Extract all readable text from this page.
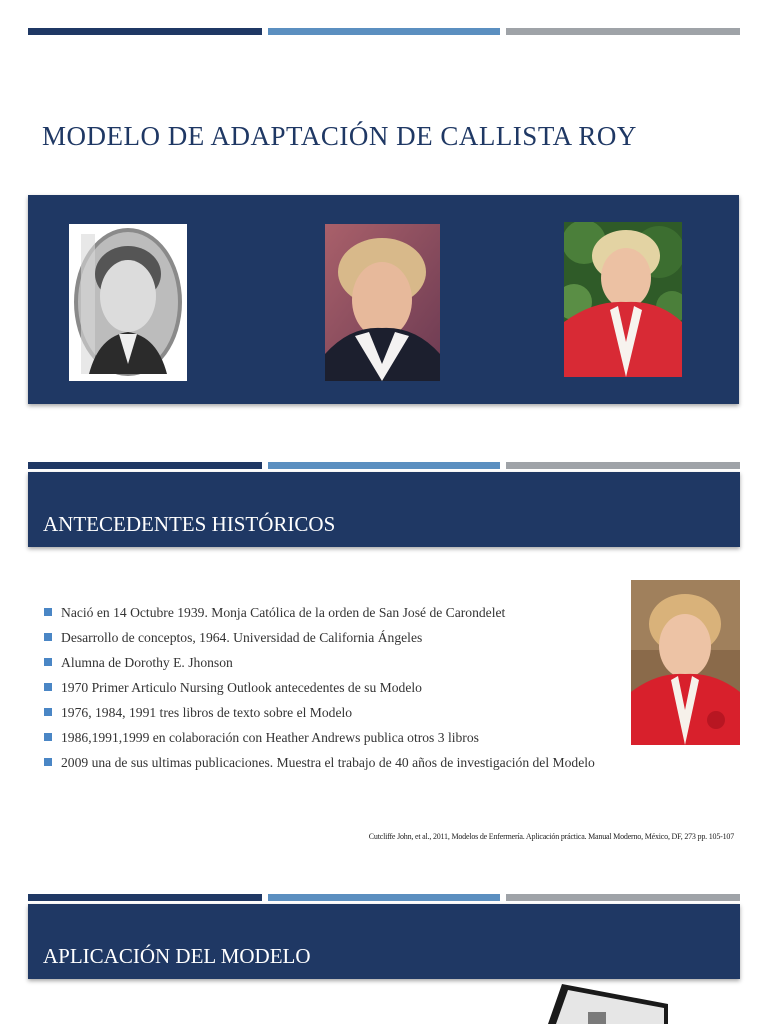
MODELO DE ADAPTACIÓN DE CALLISTA ROY
ANTECEDENTES HISTÓRICOS
Nació en 14 Octubre 1939. Monja Católica de la orden de San José de Carondelet
Desarrollo de conceptos, 1964. Universidad de California Ángeles
Alumna de Dorothy E. Jhonson
1970 Primer Articulo Nursing Outlook antecedentes de su Modelo
1976, 1984, 1991 tres libros de texto sobre el Modelo
1986,1991,1999 en colaboración con Heather Andrews publica otros 3 libros
2009 una de sus ultimas publicaciones. Muestra el trabajo de 40 años de investigación del Modelo
Cutcliffe John, et al., 2011, Modelos de Enfermería. Aplicación práctica. Manual Moderno, México, DF, 273 pp. 105-107
APLICACIÓN DEL MODELO
